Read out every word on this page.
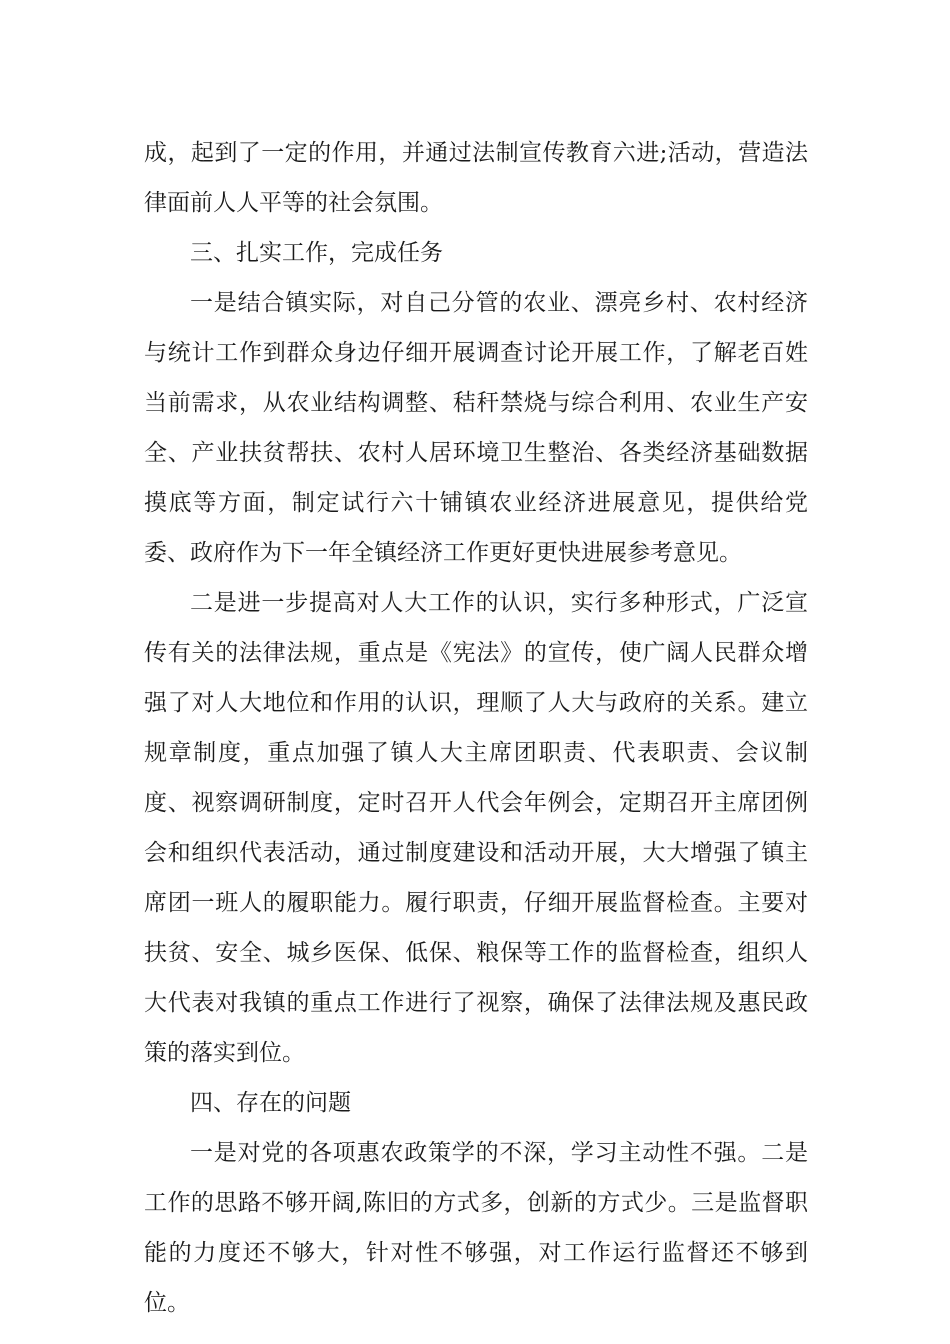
成，起到了一定的作用，并通过法制宣传教育六进;活动，营造法律面前人人平等的社会氛围。

三、扎实工作，完成任务

一是结合镇实际，对自己分管的农业、漂亮乡村、农村经济与统计工作到群众身边仔细开展调查讨论开展工作，了解老百姓当前需求，从农业结构调整、秸秆禁烧与综合利用、农业生产安全、产业扶贫帮扶、农村人居环境卫生整治、各类经济基础数据摸底等方面，制定试行六十铺镇农业经济进展意见，提供给党委、政府作为下一年全镇经济工作更好更快进展参考意见。

二是进一步提高对人大工作的认识，实行多种形式，广泛宣传有关的法律法规，重点是《宪法》的宣传，使广阔人民群众增强了对人大地位和作用的认识，理顺了人大与政府的关系。建立规章制度，重点加强了镇人大主席团职责、代表职责、会议制度、视察调研制度，定时召开人代会年例会，定期召开主席团例会和组织代表活动，通过制度建设和活动开展，大大增强了镇主席团一班人的履职能力。履行职责，仔细开展监督检查。主要对扶贫、安全、城乡医保、低保、粮保等工作的监督检查，组织人大代表对我镇的重点工作进行了视察，确保了法律法规及惠民政策的落实到位。

四、存在的问题

一是对党的各项惠农政策学的不深，学习主动性不强。二是工作的思路不够开阔,陈旧的方式多，创新的方式少。三是监督职能的力度还不够大，针对性不够强，对工作运行监督还不够到位。
